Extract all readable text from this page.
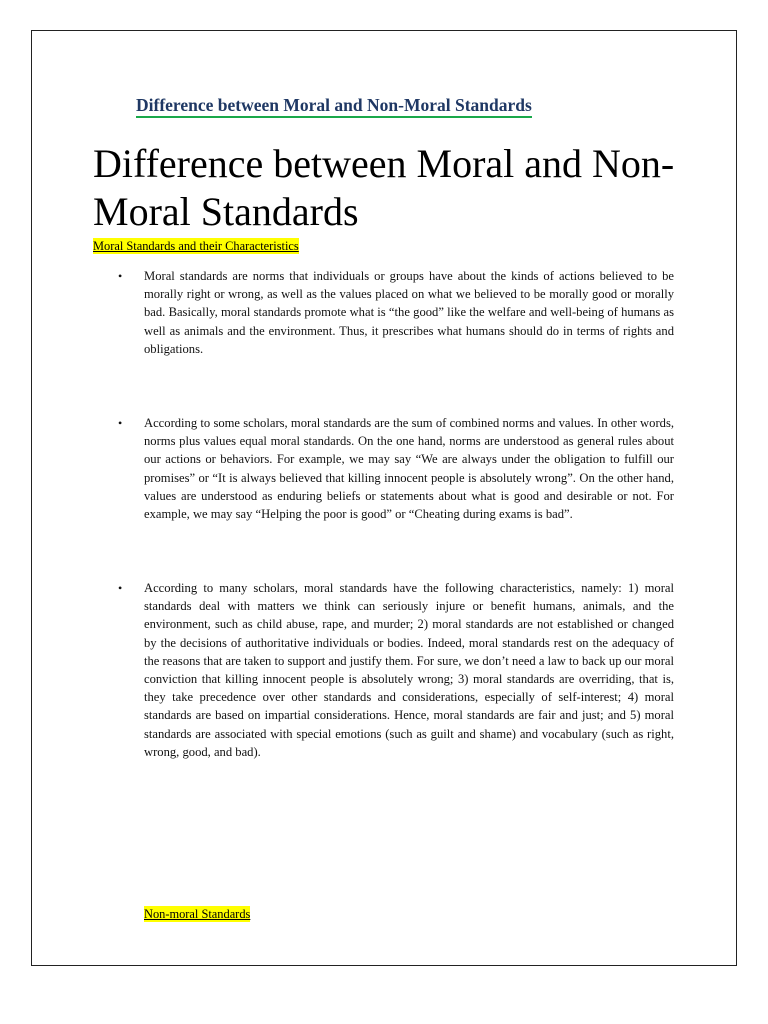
Difference between Moral and Non-Moral Standards
Difference between Moral and Non-Moral Standards
Moral Standards and their Characteristics
• Moral standards are norms that individuals or groups have about the kinds of actions believed to be morally right or wrong, as well as the values placed on what we believed to be morally good or morally bad. Basically, moral standards promote what is “the good” like the welfare and well-being of humans as well as animals and the environment. Thus, it prescribes what humans should do in terms of rights and obligations.

• According to some scholars, moral standards are the sum of combined norms and values. In other words, norms plus values equal moral standards. On the one hand, norms are understood as general rules about our actions or behaviors. For example, we may say “We are always under the obligation to fulfill our promises” or “It is always believed that killing innocent people is absolutely wrong”. On the other hand, values are understood as enduring beliefs or statements about what is good and desirable or not. For example, we may say “Helping the poor is good” or “Cheating during exams is bad”.

• According to many scholars, moral standards have the following characteristics, namely: 1) moral standards deal with matters we think can seriously injure or benefit humans, animals, and the environment, such as child abuse, rape, and murder; 2) moral standards are not established or changed by the decisions of authoritative individuals or bodies. Indeed, moral standards rest on the adequacy of the reasons that are taken to support and justify them. For sure, we don’t need a law to back up our moral conviction that killing innocent people is absolutely wrong; 3) moral standards are overriding, that is, they take precedence over other standards and considerations, especially of self-interest; 4) moral standards are based on impartial considerations. Hence, moral standards are fair and just; and 5) moral standards are associated with special emotions (such as guilt and shame) and vocabulary (such as right, wrong, good, and bad).

Non-moral Standards
